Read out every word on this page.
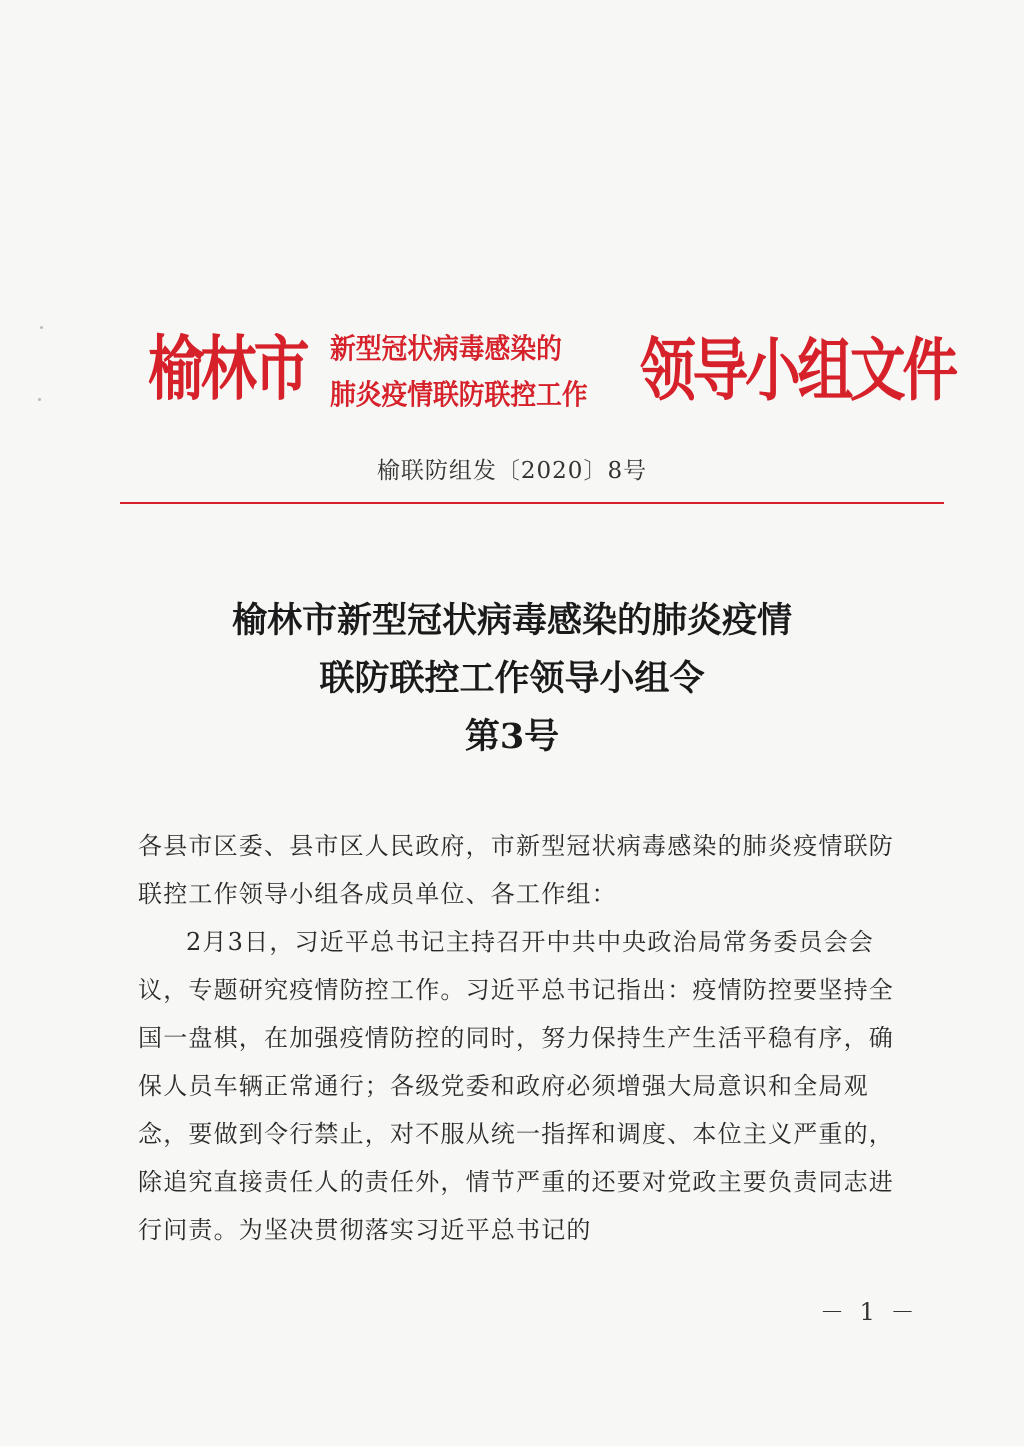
榆林市 新型冠状病毒感染的
肺炎疫情联防联控工作 领导小组文件
榆联防组发〔2020〕8号
榆林市新型冠状病毒感染的肺炎疫情
联防联控工作领导小组令
第3号

各县市区委、县市区人民政府，市新型冠状病毒感染的肺炎疫情联防联控工作领导小组各成员单位、各工作组：

2月3日，习近平总书记主持召开中共中央政治局常务委员会会议，专题研究疫情防控工作。习近平总书记指出：疫情防控要坚持全国一盘棋，在加强疫情防控的同时，努力保持生产生活平稳有序，确保人员车辆正常通行；各级党委和政府必须增强大局意识和全局观念，要做到令行禁止，对不服从统一指挥和调度、本位主义严重的，除追究直接责任人的责任外，情节严重的还要对党政主要负责同志进行问责。为坚决贯彻落实习近平总书记的

－ 1 －
